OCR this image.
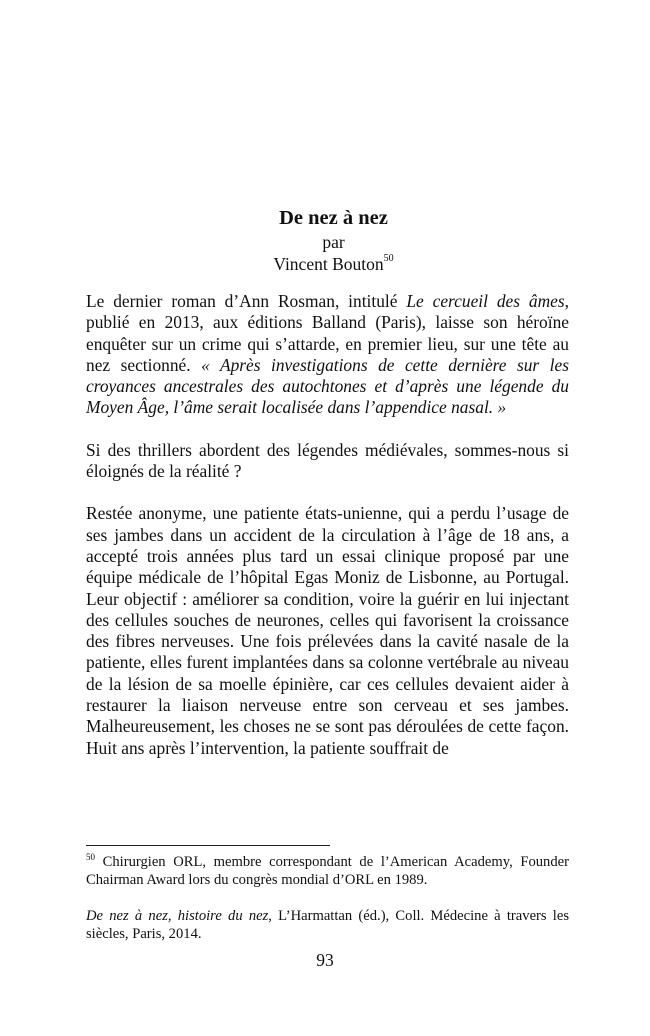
De nez à nez
par
Vincent Bouton$^{50}$

Le dernier roman d’Ann Rosman, intitulé Le cercueil des âmes, publié en 2013, aux éditions Balland (Paris), laisse son héroïne enquêter sur un crime qui s’attarde, en premier lieu, sur une tête au nez sectionné. « Après investigations de cette dernière sur les croyances ancestrales des autochtones et d’après une légende du Moyen Âge, l’âme serait localisée dans l’appendice nasal. »

Si des thrillers abordent des légendes médiévales, sommes-nous si éloignés de la réalité ?

Restée anonyme, une patiente états-unienne, qui a perdu l’usage de ses jambes dans un accident de la circulation à l’âge de 18 ans, a accepté trois années plus tard un essai clinique proposé par une équipe médicale de l’hôpital Egas Moniz de Lisbonne, au Portugal. Leur objectif : améliorer sa condition, voire la guérir en lui injectant des cellules souches de neurones, celles qui favorisent la croissance des fibres nerveuses. Une fois prélevées dans la cavité nasale de la patiente, elles furent implantées dans sa colonne vertébrale au niveau de la lésion de sa moelle épinière, car ces cellules devaient aider à restaurer la liaison nerveuse entre son cerveau et ses jambes. Malheureusement, les choses ne se sont pas déroulées de cette façon. Huit ans après l’intervention, la patiente souffrait de

$^{50}$ Chirurgien ORL, membre correspondant de l’American Academy, Founder Chairman Award lors du congrès mondial d’ORL en 1989.

De nez à nez, histoire du nez, L’Harmattan (éd.), Coll. Médecine à travers les siècles, Paris, 2014.

93
